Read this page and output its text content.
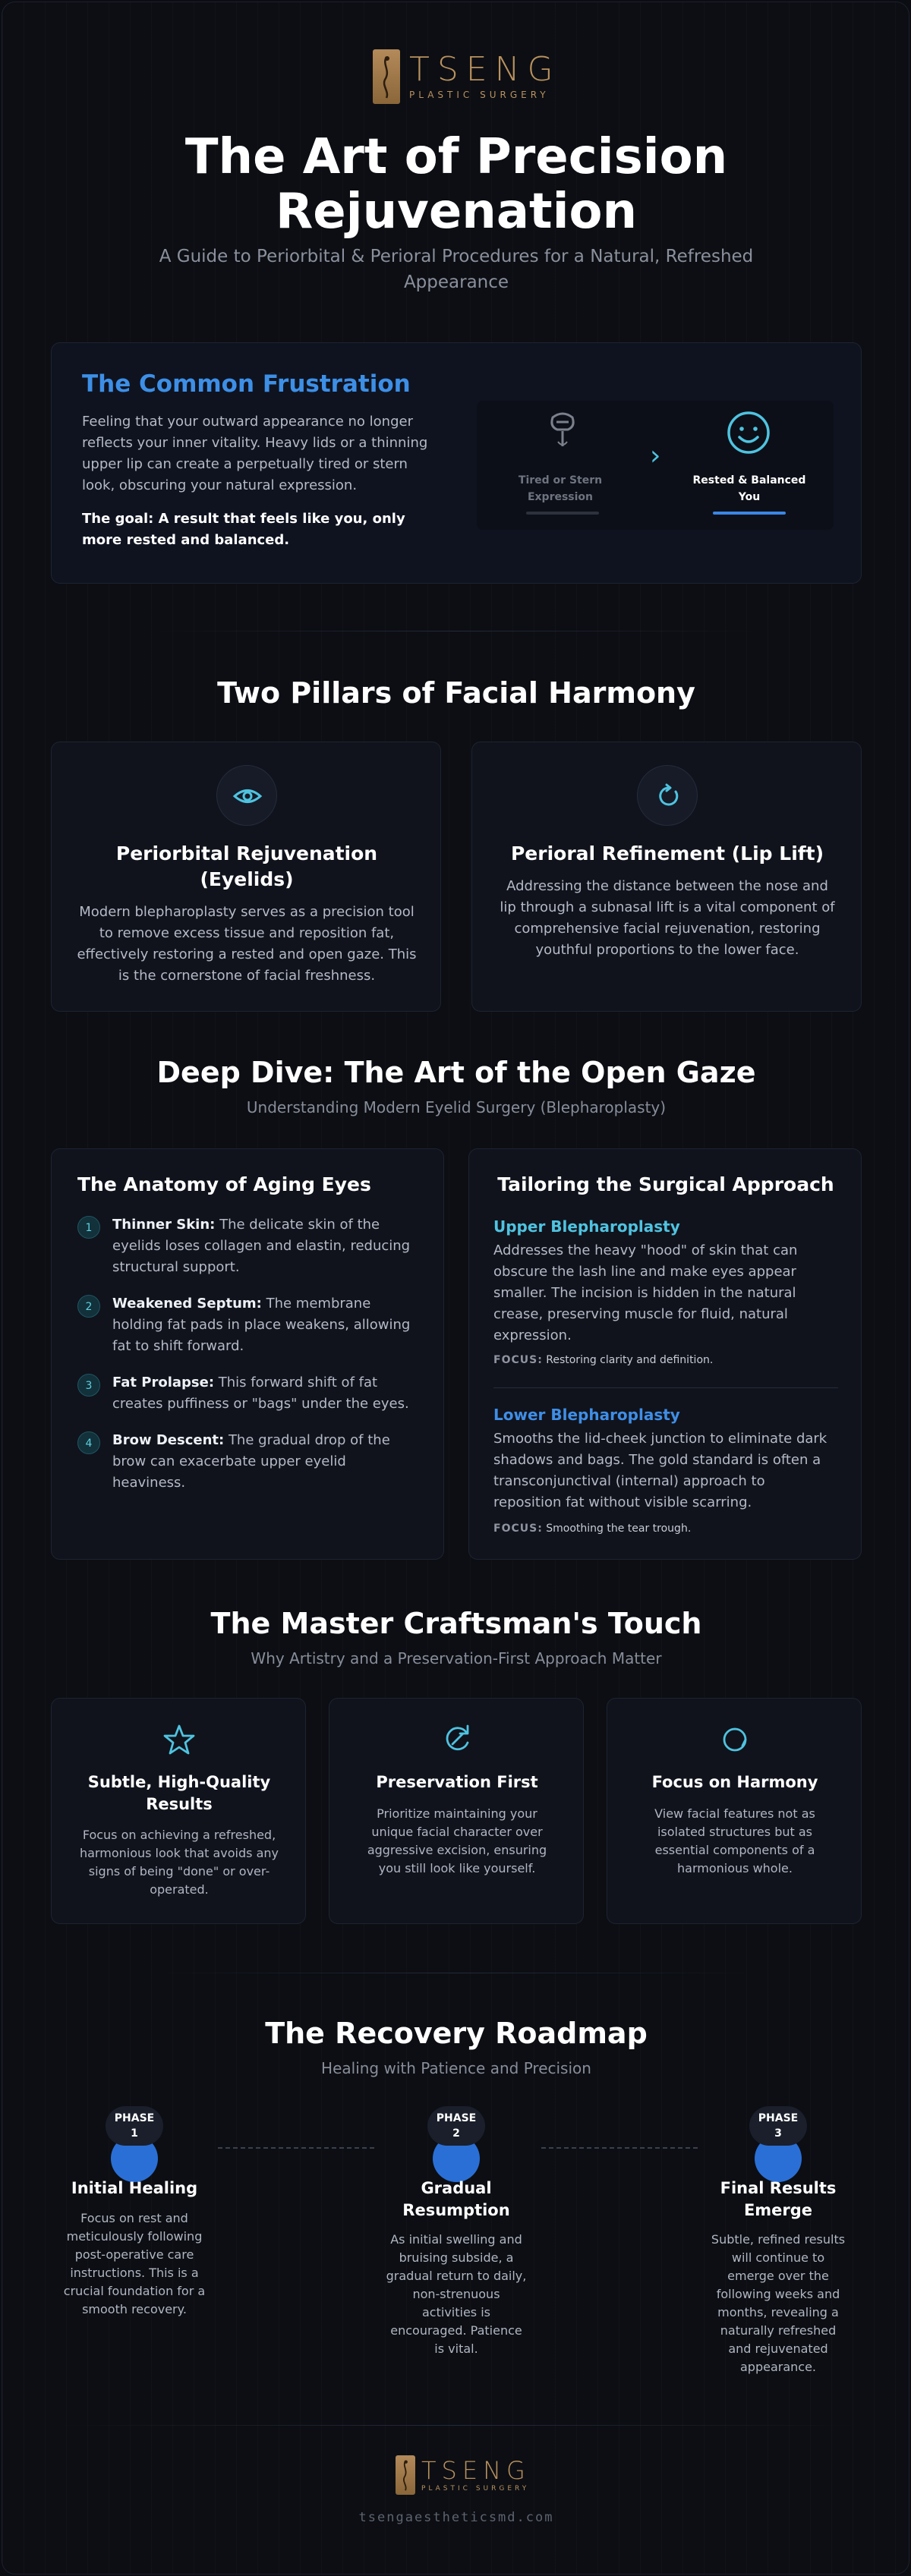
TSENG
PLASTIC SURGERY
The Art of Precision
Rejuvenation
A Guide to Periorbital & Perioral Procedures for a Natural, Refreshed
Appearance
The Common Frustration
Feeling that your outward appearance no longer
reflects your inner vitality. Heavy lids or a thinning
upper lip can create a perpetually tired or stern
look, obscuring your natural expression.
The goal: A result that feels like you, only
more rested and balanced.
Tired or Stern
Expression
›
Rested & Balanced
You
Two Pillars of Facial Harmony
Periorbital Rejuvenation
(Eyelids)
Modern blepharoplasty serves as a precision tool
to remove excess tissue and reposition fat,
effectively restoring a rested and open gaze. This
is the cornerstone of facial freshness.
Perioral Refinement (Lip Lift)
Addressing the distance between the nose and
lip through a subnasal lift is a vital component of
comprehensive facial rejuvenation, restoring
youthful proportions to the lower face.
Deep Dive: The Art of the Open Gaze
Understanding Modern Eyelid Surgery (Blepharoplasty)
The Anatomy of Aging Eyes
1	Thinner Skin: The delicate skin of the
eyelids loses collagen and elastin, reducing
structural support.
2	Weakened Septum: The membrane
holding fat pads in place weakens, allowing
fat to shift forward.
3	Fat Prolapse: This forward shift of fat
creates puffiness or "bags" under the eyes.
4	Brow Descent: The gradual drop of the
brow can exacerbate upper eyelid
heaviness.
Tailoring the Surgical Approach
Upper Blepharoplasty
Addresses the heavy "hood" of skin that can
obscure the lash line and make eyes appear
smaller. The incision is hidden in the natural
crease, preserving muscle for fluid, natural
expression.
FOCUS: Restoring clarity and definition.
Lower Blepharoplasty
Smooths the lid-cheek junction to eliminate dark
shadows and bags. The gold standard is often a
transconjunctival (internal) approach to
reposition fat without visible scarring.
FOCUS: Smoothing the tear trough.
The Master Craftsman's Touch
Why Artistry and a Preservation-First Approach Matter
Subtle, High-Quality
Results
Focus on achieving a refreshed,
harmonious look that avoids any
signs of being "done" or over-
operated.
Preservation First
Prioritize maintaining your
unique facial character over
aggressive excision, ensuring
you still look like yourself.
Focus on Harmony
View facial features not as
isolated structures but as
essential components of a
harmonious whole.
The Recovery Roadmap
Healing with Patience and Precision
PHASE
1
Initial Healing
Focus on rest and
meticulously following
post-operative care
instructions. This is a
crucial foundation for a
smooth recovery.
PHASE
2
Gradual
Resumption
As initial swelling and
bruising subside, a
gradual return to daily,
non-strenuous
activities is
encouraged. Patience
is vital.
PHASE
3
Final Results
Emerge
Subtle, refined results
will continue to
emerge over the
following weeks and
months, revealing a
naturally refreshed
and rejuvenated
appearance.
TSENG
PLASTIC SURGERY
tsengaestheticsmd.com
